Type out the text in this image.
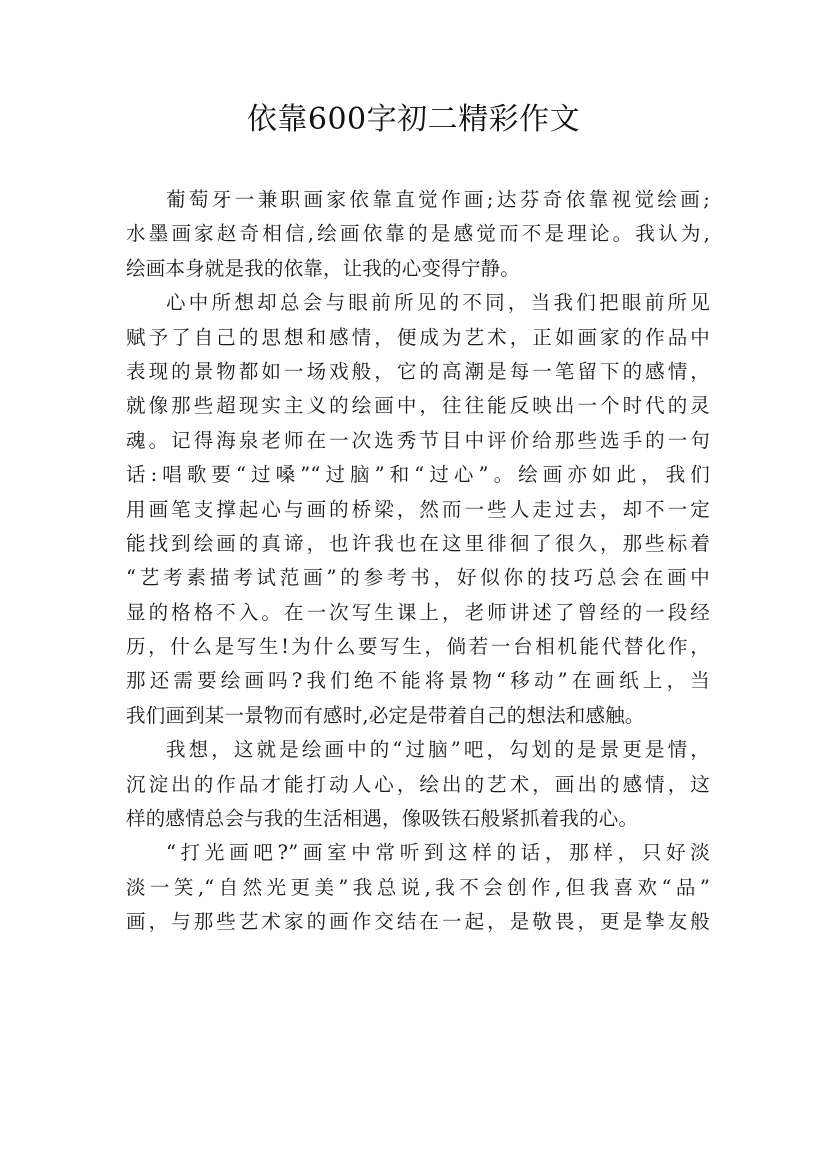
依靠600字初二精彩作文
葡萄牙一兼职画家依靠直觉作画;达芬奇依靠视觉绘画;
水墨画家赵奇相信,绘画依靠的是感觉而不是理论。我认为,
绘画本身就是我的依靠，让我的心变得宁静。
心中所想却总会与眼前所见的不同，当我们把眼前所见
赋予了自己的思想和感情，便成为艺术，正如画家的作品中
表现的景物都如一场戏般，它的高潮是每一笔留下的感情，
就像那些超现实主义的绘画中，往往能反映出一个时代的灵
魂。记得海泉老师在一次选秀节目中评价给那些选手的一句
话:唱歌要“过嗓”“过脑”和“过心”。绘画亦如此，我们
用画笔支撑起心与画的桥梁，然而一些人走过去，却不一定
能找到绘画的真谛，也许我也在这里徘徊了很久，那些标着
“艺考素描考试范画”的参考书，好似你的技巧总会在画中
显的格格不入。在一次写生课上，老师讲述了曾经的一段经
历，什么是写生!为什么要写生，倘若一台相机能代替化作，
那还需要绘画吗?我们绝不能将景物“移动”在画纸上，当
我们画到某一景物而有感时,必定是带着自己的想法和感触。
我想，这就是绘画中的“过脑”吧，勾划的是景更是情，
沉淀出的作品才能打动人心，绘出的艺术，画出的感情，这
样的感情总会与我的生活相遇，像吸铁石般紧抓着我的心。
“打光画吧?”画室中常听到这样的话，那样，只好淡
淡一笑,“自然光更美”我总说,我不会创作,但我喜欢“品”
画，与那些艺术家的画作交结在一起，是敬畏，更是挚友般
